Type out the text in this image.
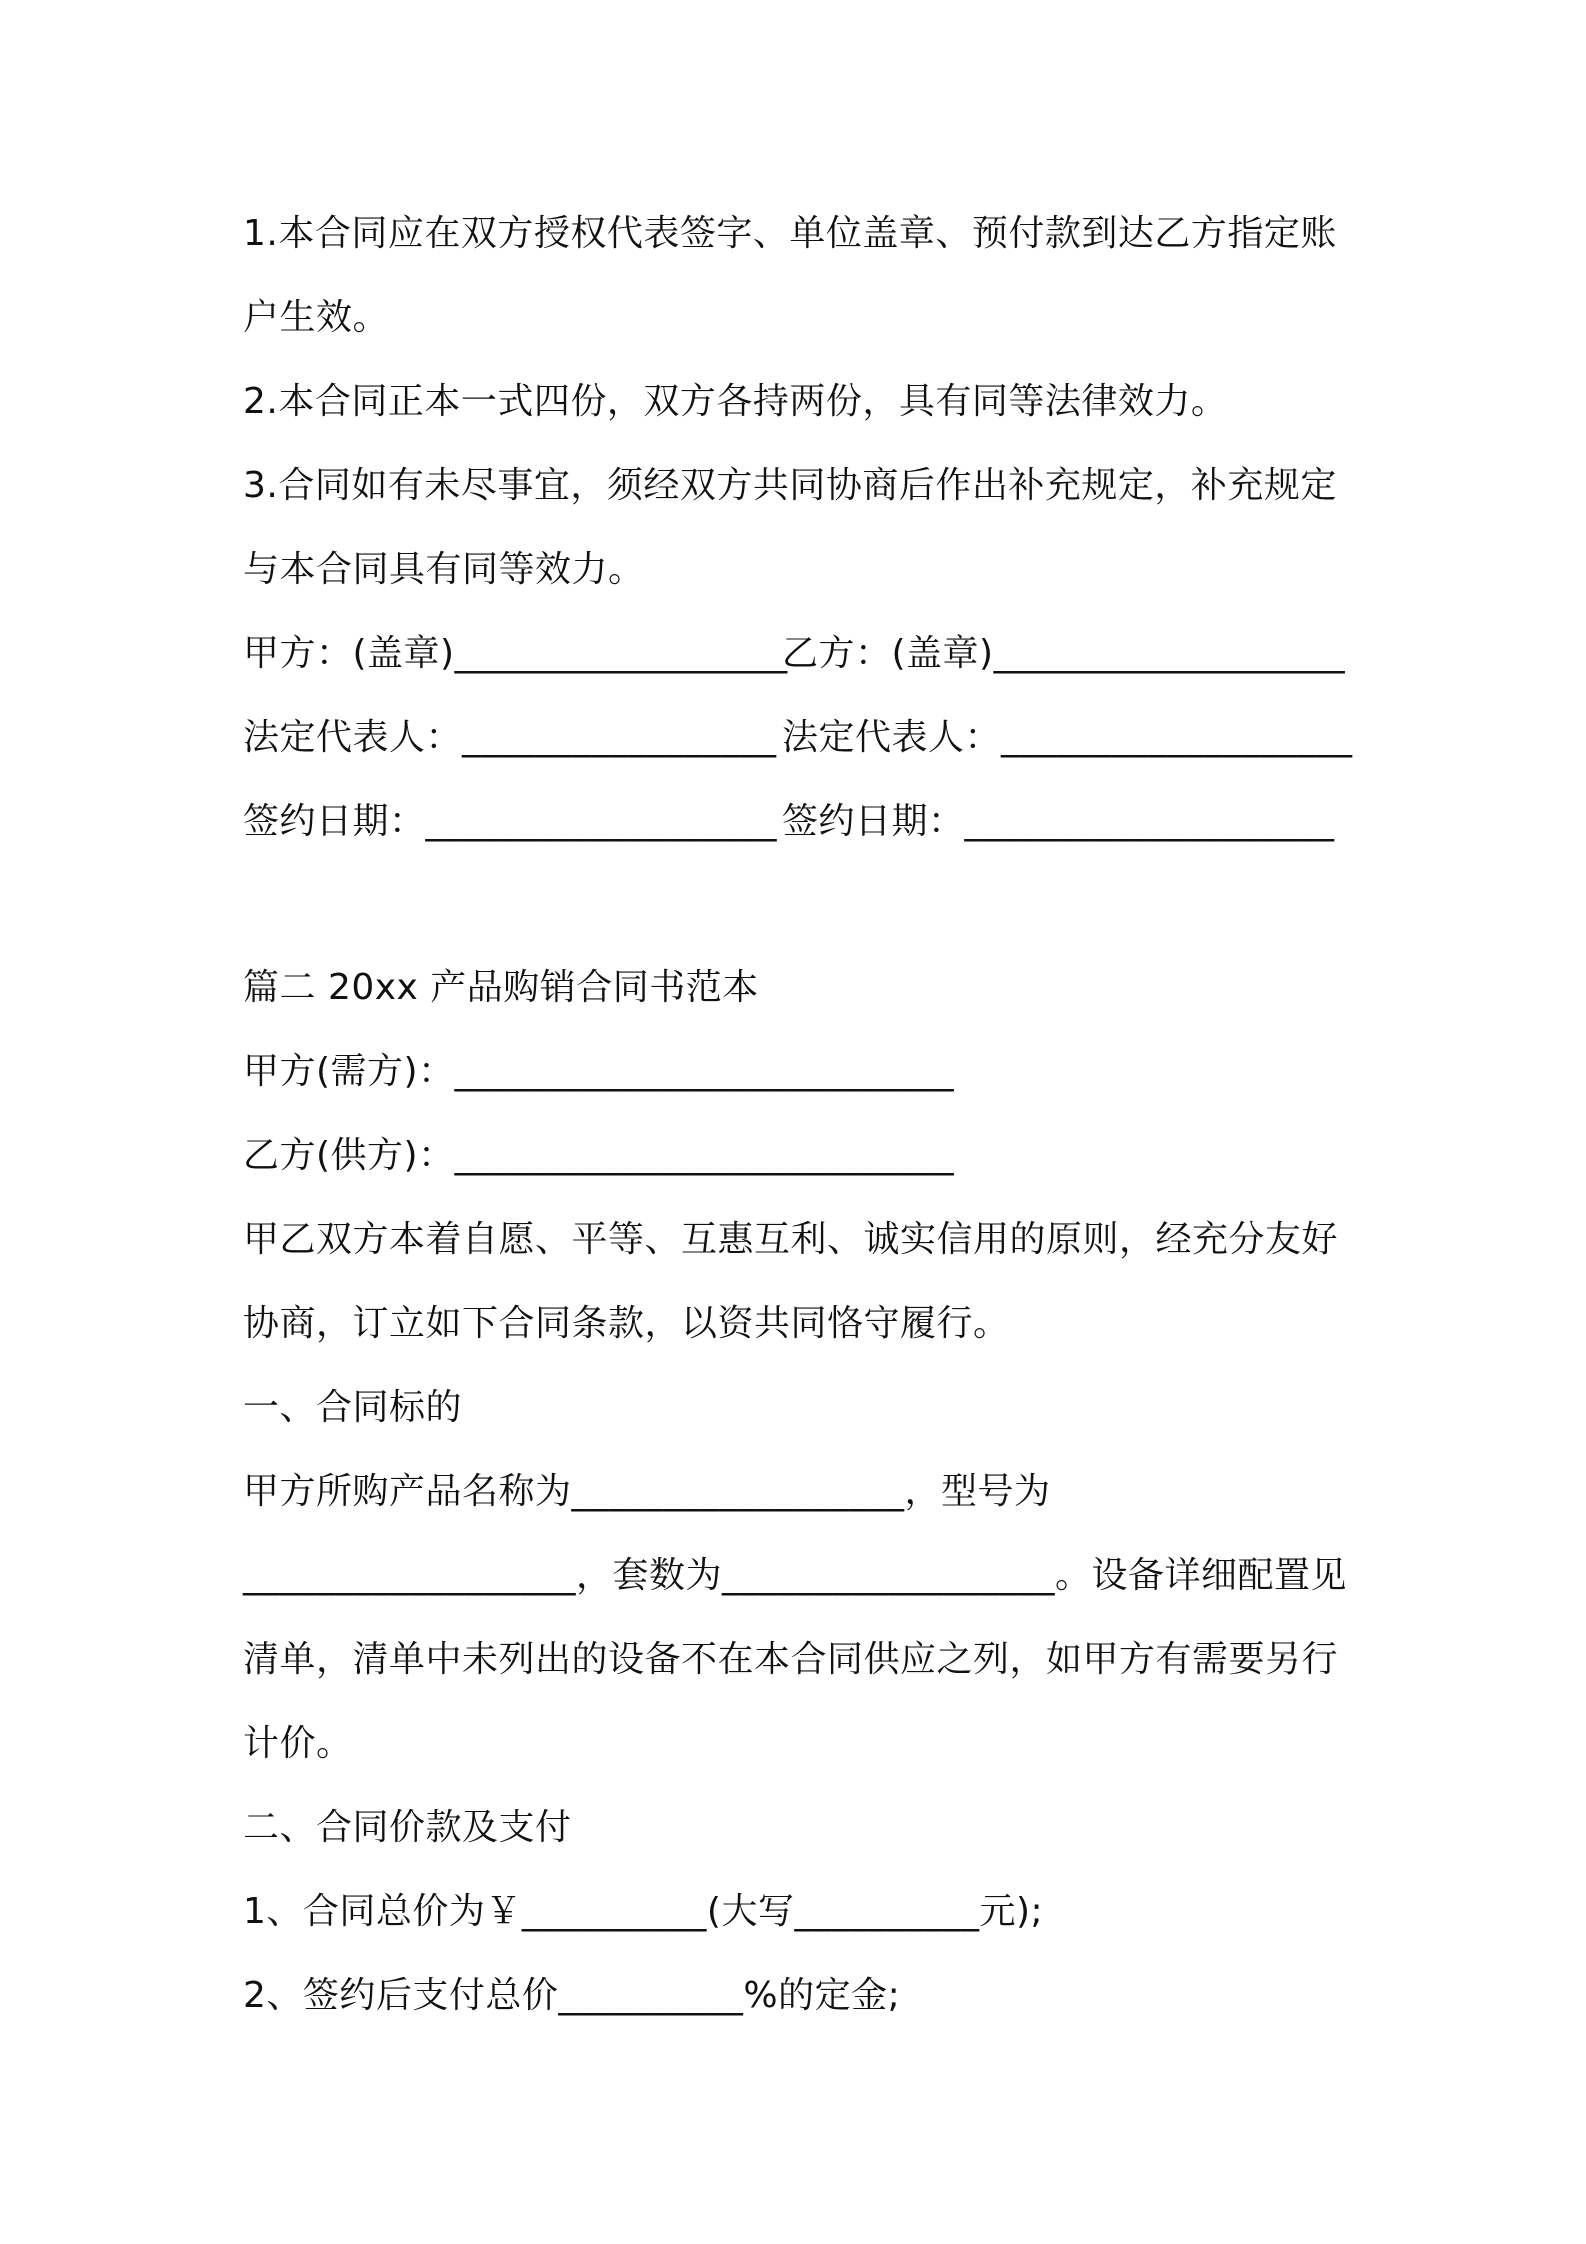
1.本合同应在双方授权代表签字、单位盖章、预付款到达乙方指定账
户生效。
2.本合同正本一式四份，双方各持两份，具有同等法律效力。
3.合同如有未尽事宜，须经双方共同协商后作出补充规定，补充规定
与本合同具有同等效力。
甲方：(盖章)__________________
乙方：(盖章)___________________
法定代表人：_________________ 法定代表人：___________________
签约日期：___________________ 签约日期：____________________
篇二 20xx 产品购销合同书范本
甲方(需方)：___________________________
乙方(供方)：___________________________
甲乙双方本着自愿、平等、互惠互利、诚实信用的原则，经充分友好
协商，订立如下合同条款，以资共同恪守履行。
一、合同标的
甲方所购产品名称为__________________，型号为
__________________，套数为__________________。设备详细配置见
清单，清单中未列出的设备不在本合同供应之列，如甲方有需要另行
计价。
二、合同价款及支付
1、合同总价为￥__________(大写__________元);
2、签约后支付总价__________%的定金;
